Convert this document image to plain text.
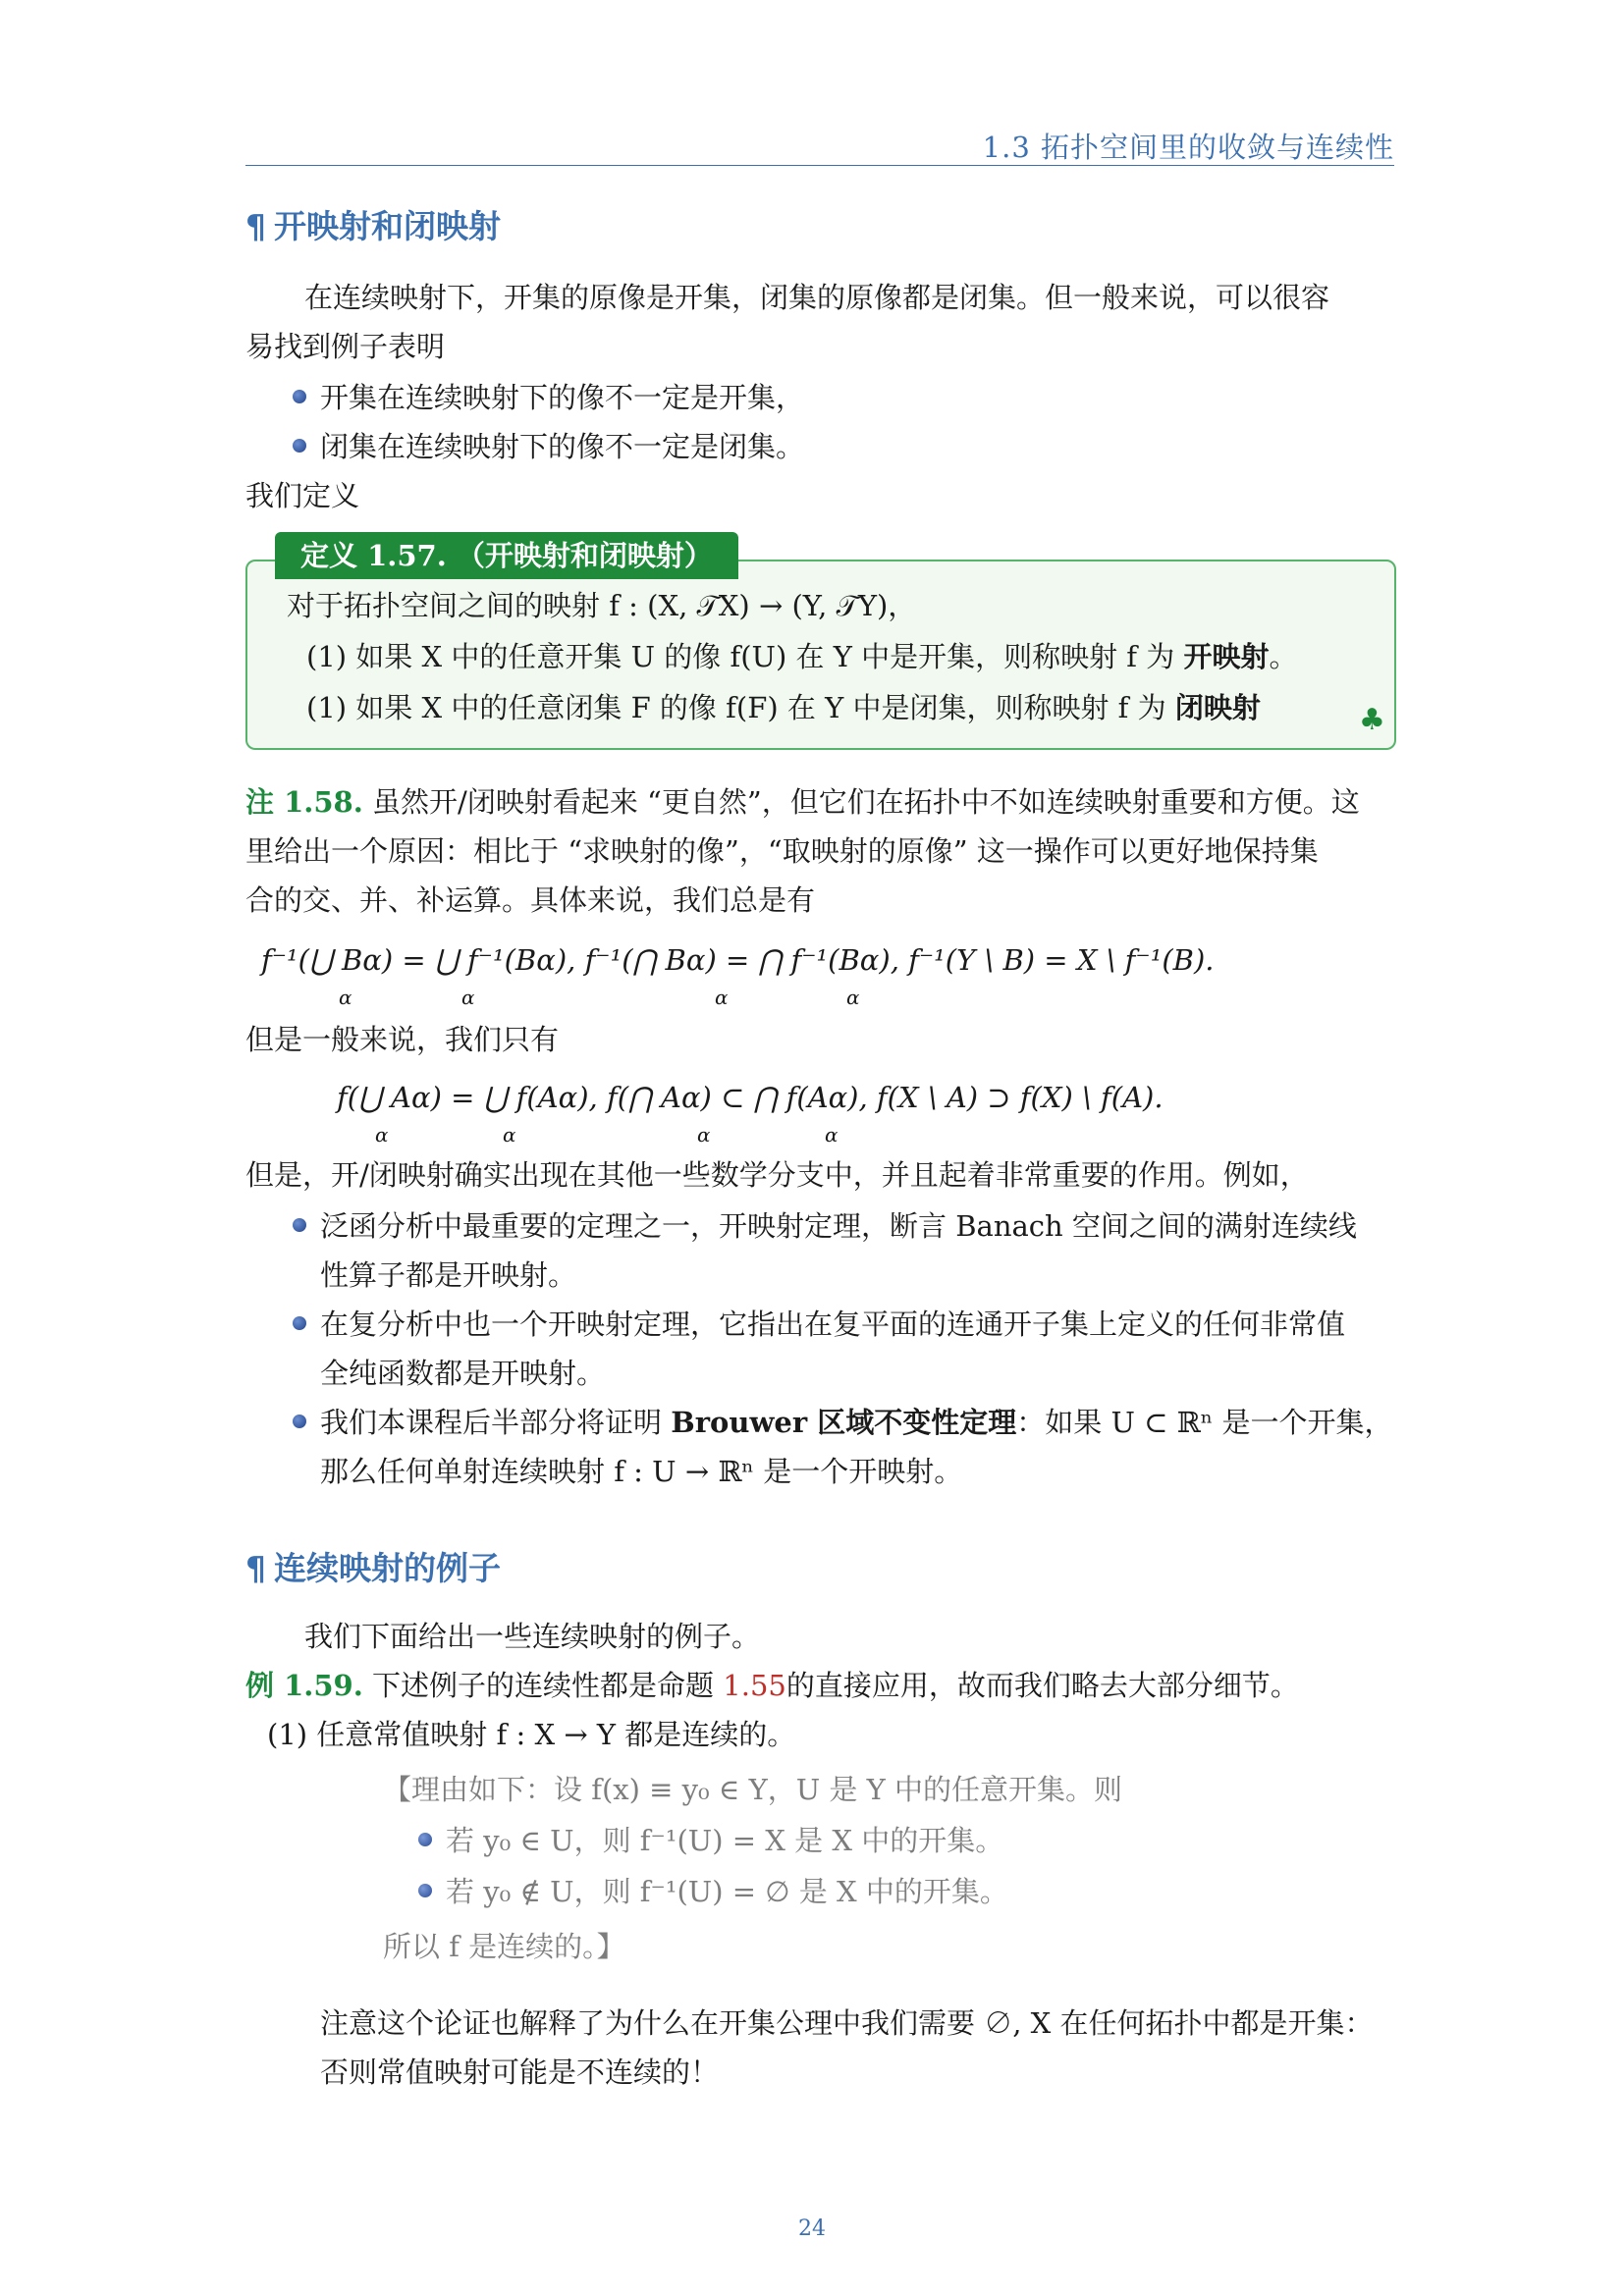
1.3 拓扑空间里的收敛与连续性
¶ 开映射和闭映射
在连续映射下，开集的原像是开集，闭集的原像都是闭集。但一般来说，可以很容
易找到例子表明
开集在连续映射下的像不一定是开集，
闭集在连续映射下的像不一定是闭集。
我们定义
定义 1.57. （开映射和闭映射）
对于拓扑空间之间的映射 f : (X, 𝒯X) → (Y, 𝒯Y)，
(1) 如果 X 中的任意开集 U 的像 f(U) 在 Y 中是开集，则称映射 f 为 开映射。
(1) 如果 X 中的任意闭集 F 的像 f(F) 在 Y 中是闭集，则称映射 f 为 闭映射	♣
注 1.58. 虽然开/闭映射看起来 “更自然”，但它们在拓扑中不如连续映射重要和方便。这
里给出一个原因：相比于 “求映射的像”，“取映射的原像” 这一操作可以更好地保持集
合的交、并、补运算。具体来说，我们总是有
f⁻¹(⋃ Bα) = ⋃ f⁻¹(Bα), f⁻¹(⋂ Bα) = ⋂ f⁻¹(Bα), f⁻¹(Y \ B) = X \ f⁻¹(B).
α	α	α	α
但是一般来说，我们只有
f(⋃ Aα) = ⋃ f(Aα), f(⋂ Aα) ⊂ ⋂ f(Aα), f(X \ A) ⊃ f(X) \ f(A).
α	α	α	α
但是，开/闭映射确实出现在其他一些数学分支中，并且起着非常重要的作用。例如，
泛函分析中最重要的定理之一，开映射定理，断言 Banach 空间之间的满射连续线
性算子都是开映射。
在复分析中也一个开映射定理，它指出在复平面的连通开子集上定义的任何非常值
全纯函数都是开映射。
我们本课程后半部分将证明 Brouwer 区域不变性定理：如果 U ⊂ ℝⁿ 是一个开集，
那么任何单射连续映射 f : U → ℝⁿ 是一个开映射。
¶ 连续映射的例子
我们下面给出一些连续映射的例子。
例 1.59. 下述例子的连续性都是命题 1.55的直接应用，故而我们略去大部分细节。
(1) 任意常值映射 f : X → Y 都是连续的。
【理由如下：设 f(x) ≡ y₀ ∈ Y，U 是 Y 中的任意开集。则
若 y₀ ∈ U，则 f⁻¹(U) = X 是 X 中的开集。
若 y₀ ∉ U，则 f⁻¹(U) = ∅ 是 X 中的开集。
所以 f 是连续的。】
注意这个论证也解释了为什么在开集公理中我们需要 ∅, X 在任何拓扑中都是开集：
否则常值映射可能是不连续的！
24
